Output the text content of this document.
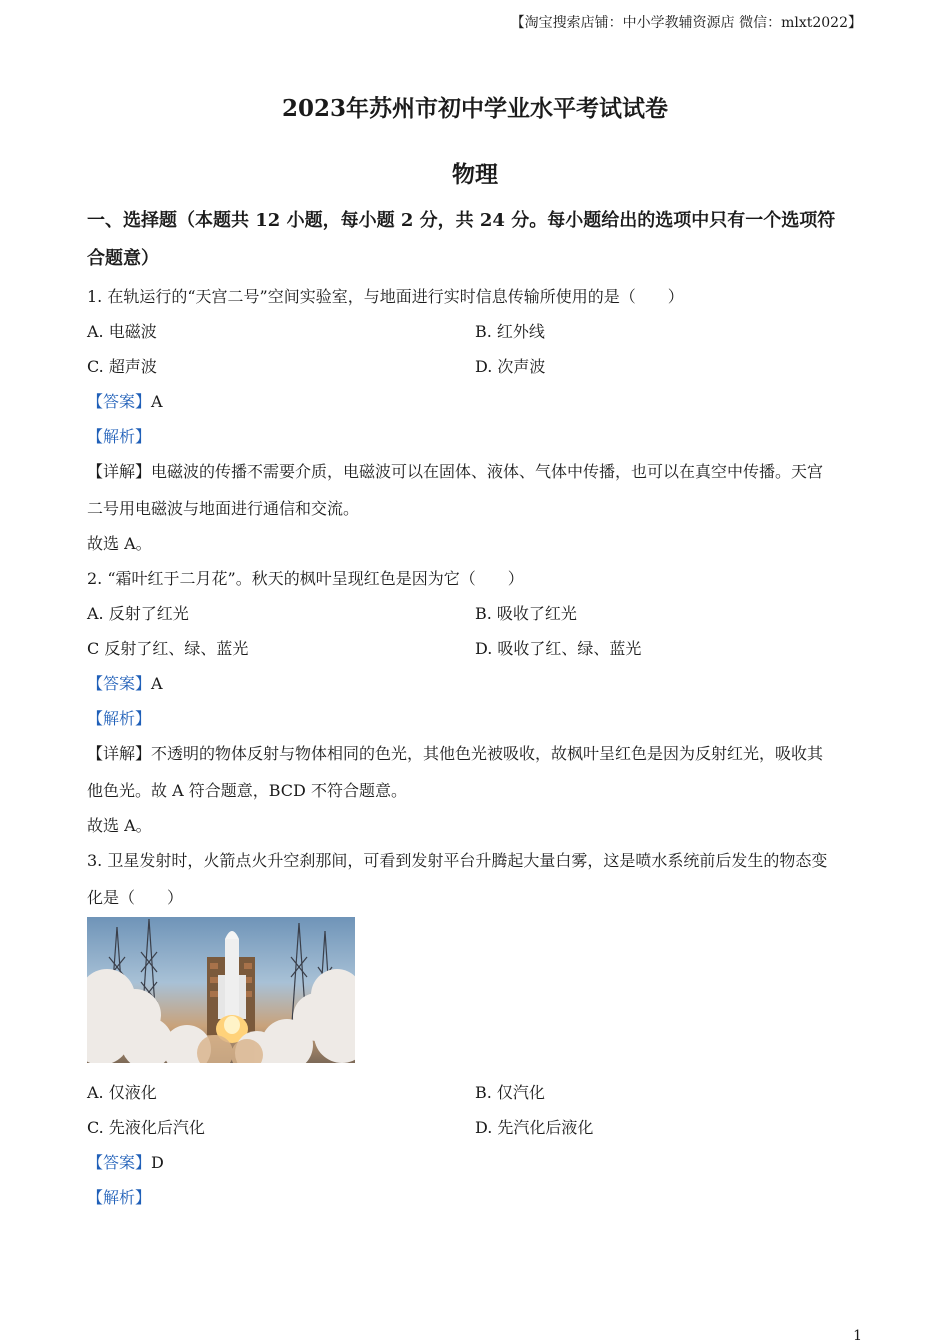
【淘宝搜索店铺：中小学教辅资源店 微信：mlxt2022】
2023年苏州市初中学业水平考试试卷
物理
一、选择题（本题共 12 小题，每小题 2 分，共 24 分。每小题给出的选项中只有一个选项符
合题意）
1. 在轨运行的“天宫二号”空间实验室，与地面进行实时信息传输所使用的是（　　）
A. 电磁波	B. 红外线
C. 超声波	D. 次声波
【答案】A
【解析】
【详解】电磁波的传播不需要介质，电磁波可以在固体、液体、气体中传播，也可以在真空中传播。天宫
二号用电磁波与地面进行通信和交流。
故选 A。
2. “霜叶红于二月花”。秋天的枫叶呈现红色是因为它（　　）
A. 反射了红光	B. 吸收了红光
C 反射了红、绿、蓝光	D. 吸收了红、绿、蓝光
【答案】A
【解析】
【详解】不透明的物体反射与物体相同的色光，其他色光被吸收，故枫叶呈红色是因为反射红光，吸收其
他色光。故 A 符合题意，BCD 不符合题意。
故选 A。
3. 卫星发射时，火箭点火升空刹那间，可看到发射平台升腾起大量白雾，这是喷水系统前后发生的物态变
化是（　　）
A. 仅液化	B. 仅汽化
C. 先液化后汽化	D. 先汽化后液化
【答案】D
【解析】
1
